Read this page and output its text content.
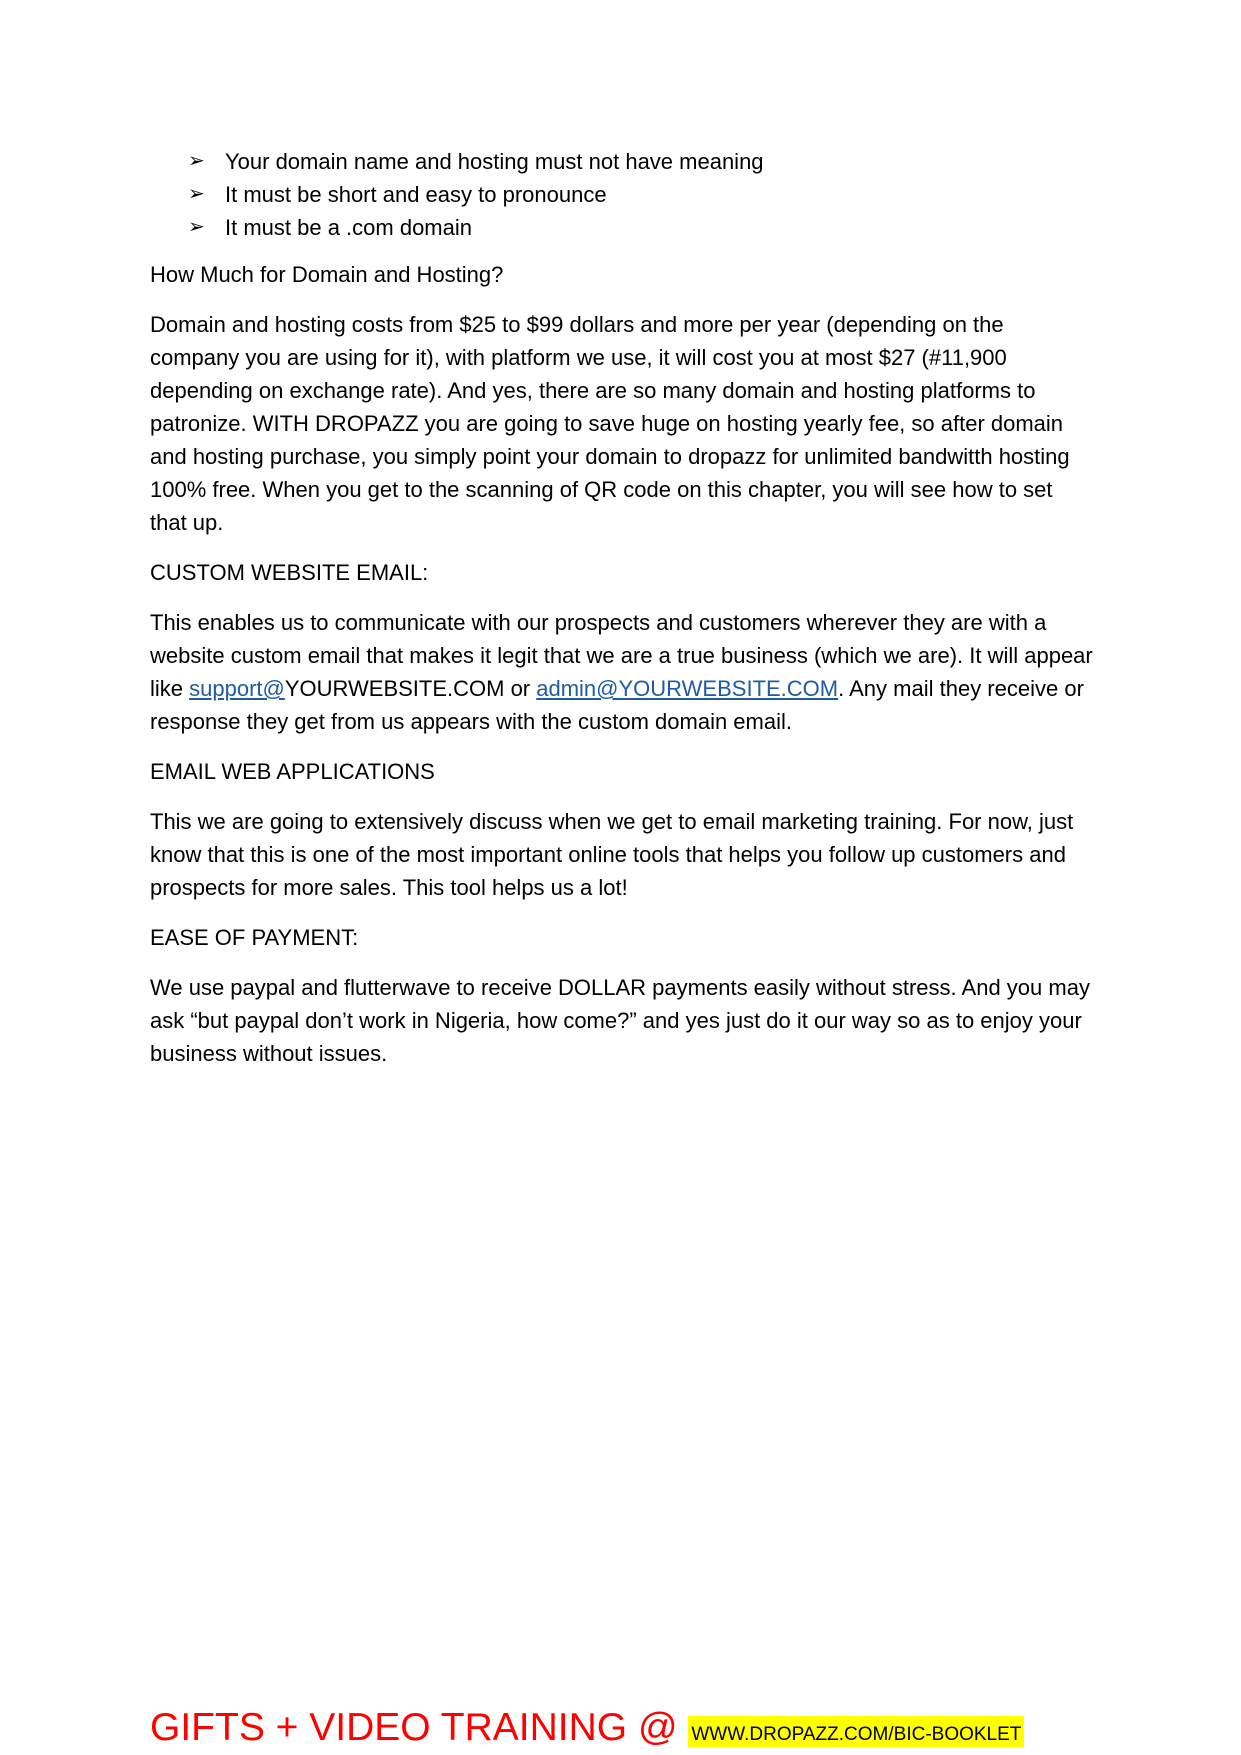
➢ Your domain name and hosting must not have meaning
➢ It must be short and easy to pronounce
➢ It must be a .com domain

How Much for Domain and Hosting?

Domain and hosting costs from $25 to $99 dollars and more per year (depending on the company you are using for it), with platform we use, it will cost you at most $27 (#11,900 depending on exchange rate). And yes, there are so many domain and hosting platforms to patronize. WITH DROPAZZ you are going to save huge on hosting yearly fee, so after domain and hosting purchase, you simply point your domain to dropazz for unlimited bandwitth hosting 100% free. When you get to the scanning of QR code on this chapter, you will see how to set that up.

CUSTOM WEBSITE EMAIL:

This enables us to communicate with our prospects and customers wherever they are with a website custom email that makes it legit that we are a true business (which we are). It will appear like support@YOURWEBSITE.COM or admin@YOURWEBSITE.COM. Any mail they receive or response they get from us appears with the custom domain email.

EMAIL WEB APPLICATIONS

This we are going to extensively discuss when we get to email marketing training. For now, just know that this is one of the most important online tools that helps you follow up customers and prospects for more sales. This tool helps us a lot!

EASE OF PAYMENT:

We use paypal and flutterwave to receive DOLLAR payments easily without stress. And you may ask “but paypal don’t work in Nigeria, how come?” and yes just do it our way so as to enjoy your business without issues.

GIFTS + VIDEO TRAINING @ WWW.DROPAZZ.COM/BIC-BOOKLET
